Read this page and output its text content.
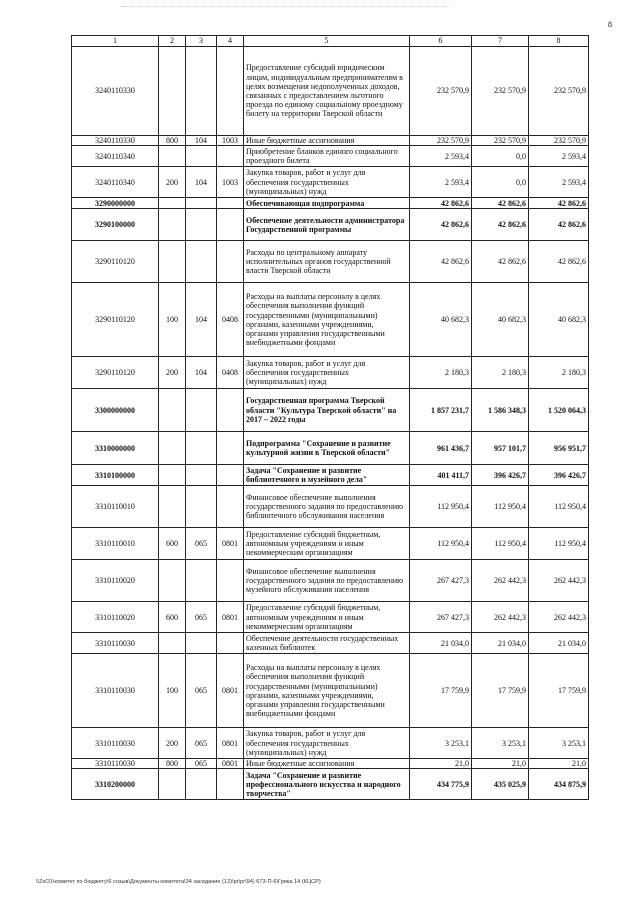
8
1	2	3	4	5	6	7	8
3240110330				Предоставление субсидий юридическим лицам, индивидуальным предпринимателям в целях возмещения недополученных доходов, связанных с предоставлением льготного проезда по единому социальному проездному билету на территории Тверской области	232 570,9	232 570,9	232 570,9
3240110330	800	104	1003	Иные бюджетные ассигнования	232 570,9	232 570,9	232 570,9
3240110340				Приобретение бланков единого социального проездного билета	2 593,4	0,0	2 593,4
3240110340	200	104	1003	Закупка товаров, работ и услуг для обеспечения государственных (муниципальных) нужд	2 593,4	0,0	2 593,4
3290000000				Обеспечивающая подпрограмма	42 862,6	42 862,6	42 862,6
3290100000				Обеспечение деятельности администратора Государственной программы	42 862,6	42 862,6	42 862,6
3290110120				Расходы по центральному аппарату исполнительных органов государственной власти Тверской области	42 862,6	42 862,6	42 862,6
3290110120	100	104	0408	Расходы на выплаты персоналу в целях обеспечения выполнения функций государственными (муниципальными) органами, казенными учреждениями, органами управления государственными внебюджетными фондами	40 682,3	40 682,3	40 682,3
3290110120	200	104	0408	Закупка товаров, работ и услуг для обеспечения государственных (муниципальных) нужд	2 180,3	2 180,3	2 180,3
3300000000				Государственная программа Тверской области "Культура Тверской области" на 2017 – 2022 годы	1 857 231,7	1 586 348,3	1 520 064,3
3310000000				Подпрограмма "Сохранение и развитие культурной жизни в Тверской области"	961 436,7	957 101,7	956 951,7
3310100000				Задача "Сохранение и развитие библиотечного и музейного дела"	401 411,7	396 426,7	396 426,7
3310110010				Финансовое обеспечение выполнения государственного задания по предоставлению библиотечного обслуживания населения	112 950,4	112 950,4	112 950,4
3310110010	600	065	0801	Предоставление субсидий бюджетным, автономным учреждениям и иным некоммерческим организациям	112 950,4	112 950,4	112 950,4
3310110020				Финансовое обеспечение выполнения государственного задания по предоставлению музейного обслуживания населения	267 427,3	262 442,3	262 442,3
3310110020	600	065	0801	Предоставление субсидий бюджетным, автономным учреждениям и иным некоммерческим организациям	267 427,3	262 442,3	262 442,3
3310110030				Обеспечение деятельности государственных казенных библиотек	21 034,0	21 034,0	21 034,0
3310110030	100	065	0801	Расходы на выплаты персоналу в целях обеспечения выполнения функций государственными (муниципальными) органами, казенными учреждениями, органами управления государственными внебюджетными фондами	17 759,9	17 759,9	17 759,9
3310110030	200	065	0801	Закупка товаров, работ и услуг для обеспечения государственных (муниципальных) нужд	3 253,1	3 253,1	3 253,1
3310110030	800	065	0801	Иные бюджетные ассигнования	21,0	21,0	21,0
3310200000				Задача "Сохранение и развитие профессионального искусства и народного творчества"	434 775,9	435 025,9	434 875,9
\\ZsO1\комитет по бюджету\6 созыв\Документы комитета\34 заседание (12)\pr\pr\94) 673-П-6\Гряка 14 (КЦСР)
